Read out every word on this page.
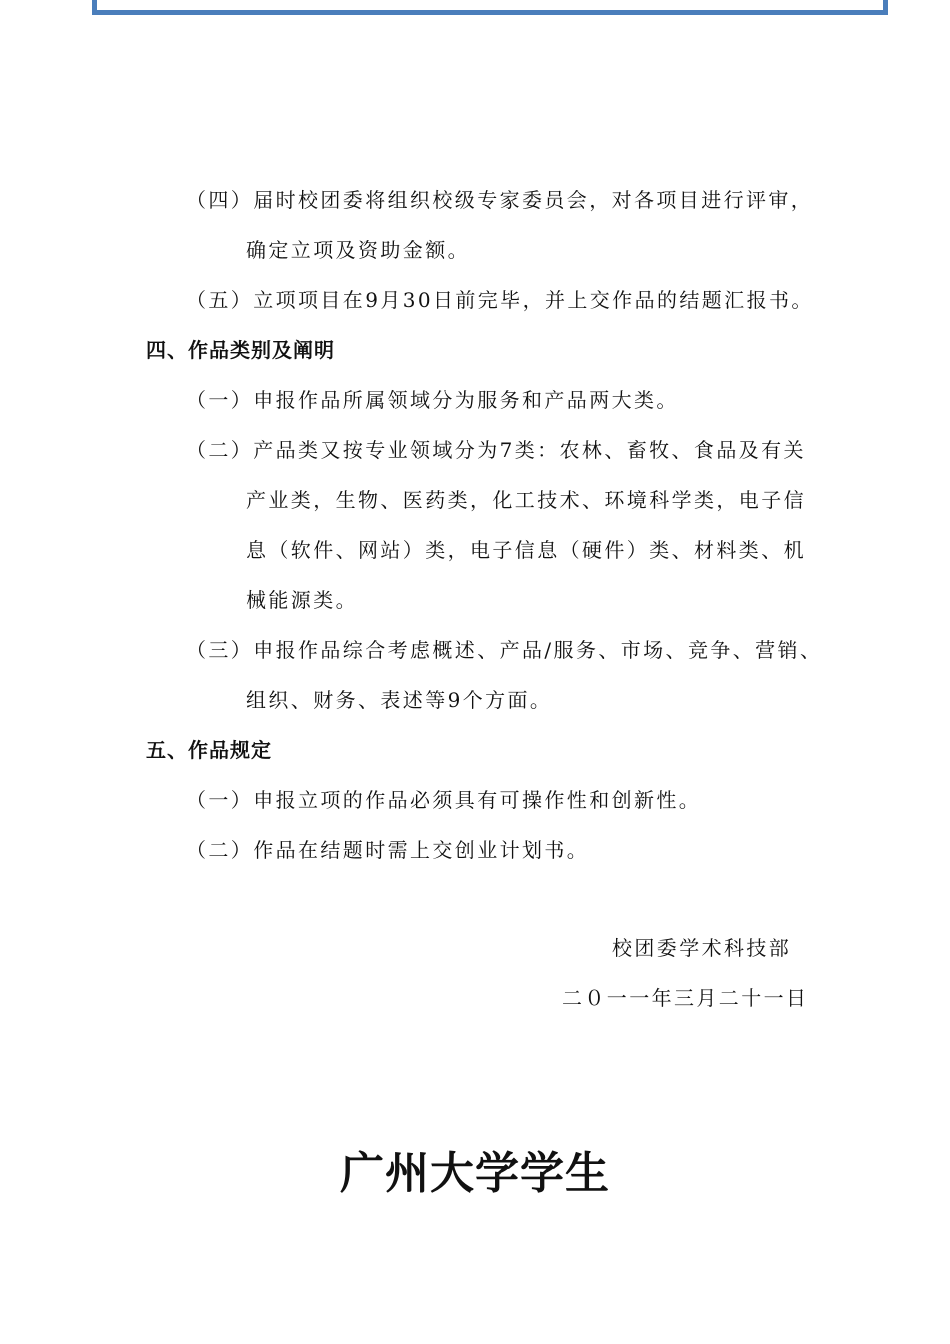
（四）届时校团委将组织校级专家委员会，对各项目进行评审，
确定立项及资助金额。
（五）立项项目在9月30日前完毕，并上交作品的结题汇报书。
四、作品类别及阐明
（一）申报作品所属领域分为服务和产品两大类。
（二）产品类又按专业领域分为7类：农林、畜牧、食品及有关
产业类，生物、医药类，化工技术、环境科学类，电子信
息（软件、网站）类，电子信息（硬件）类、材料类、机
械能源类。
（三）申报作品综合考虑概述、产品/服务、市场、竞争、营销、
组织、财务、表述等9个方面。
五、作品规定
（一）申报立项的作品必须具有可操作性和创新性。
（二）作品在结题时需上交创业计划书。
校团委学术科技部
二０一一年三月二十一日
广州大学学生
